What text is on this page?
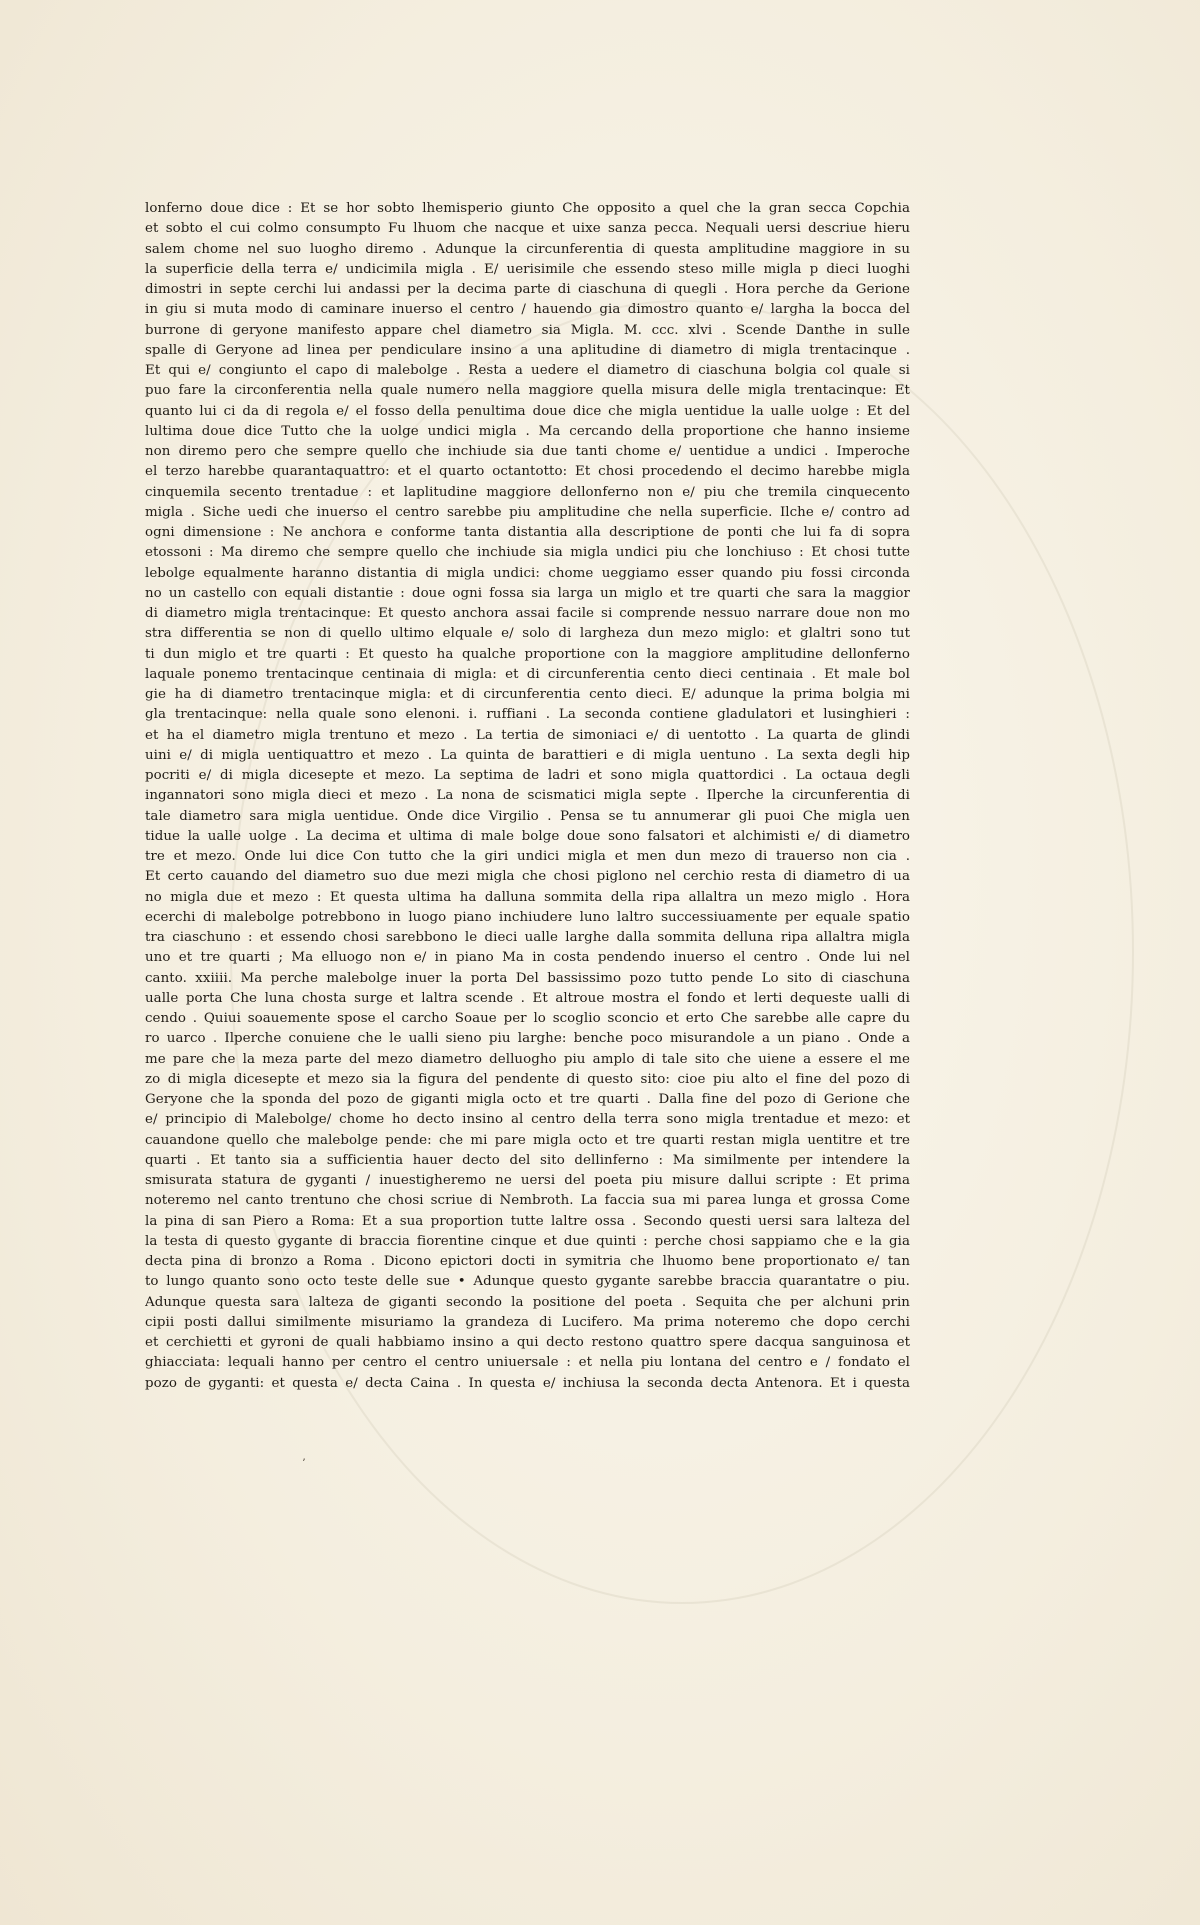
lonferno doue dice : Et se hor sobto lhemisperio giunto Che opposito a quel che la gran secca Copchia
et sobto el cui colmo consumpto Fu lhuom che nacque et uixe sanza pecca. Nequali uersi descriue hieru
salem chome nel suo luogho diremo . Adunque la circunferentia di questa amplitudine maggiore in su
la superficie della terra e/ undicimila migla . E/ uerisimile che essendo steso mille migla p dieci luoghi
dimostri in septe cerchi lui andassi per la decima parte di ciaschuna di quegli . Hora perche da Gerione
in giu si muta modo di caminare inuerso el centro / hauendo gia dimostro quanto e/ largha la bocca del
burrone di geryone manifesto appare chel diametro sia Migla. M. ccc. xlvi . Scende Danthe in sulle
spalle di Geryone ad linea per pendiculare insino a una aplitudine di diametro di migla trentacinque .
Et qui e/ congiunto el capo di malebolge . Resta a uedere el diametro di ciaschuna bolgia col quale si
puo fare la circonferentia nella quale numero nella maggiore quella misura delle migla trentacinque: Et
quanto lui ci da di regola e/ el fosso della penultima doue dice che migla uentidue la ualle uolge : Et del
lultima doue dice Tutto che la uolge undici migla . Ma cercando della proportione che hanno insieme
non diremo pero che sempre quello che inchiude sia due tanti chome e/ uentidue a undici . Imperoche
el terzo harebbe quarantaquattro: et el quarto octantotto: Et chosi procedendo el decimo harebbe migla
cinquemila secento trentadue : et laplitudine maggiore dellonferno non e/ piu che tremila cinquecento
migla . Siche uedi che inuerso el centro sarebbe piu amplitudine che nella superficie. Ilche e/ contro ad
ogni dimensione : Ne anchora e conforme tanta distantia alla descriptione de ponti che lui fa di sopra
etossoni : Ma diremo che sempre quello che inchiude sia migla undici piu che lonchiuso : Et chosi tutte
lebolge equalmente haranno distantia di migla undici: chome ueggiamo esser quando piu fossi circonda
no un castello con equali distantie : doue ogni fossa sia larga un miglo et tre quarti che sara la maggior
di diametro migla trentacinque: Et questo anchora assai facile si comprende nessuo narrare doue non mo
stra differentia se non di quello ultimo elquale e/ solo di largheza dun mezo miglo: et glaltri sono tut
ti dun miglo et tre quarti : Et questo ha qualche proportione con la maggiore amplitudine dellonferno
laquale ponemo trentacinque centinaia di migla: et di circunferentia cento dieci centinaia . Et male bol
gie ha di diametro trentacinque migla: et di circunferentia cento dieci. E/ adunque la prima bolgia mi
gla trentacinque: nella quale sono elenoni. i. ruffiani . La seconda contiene gladulatori et lusinghieri :
et ha el diametro migla trentuno et mezo . La tertia de simoniaci e/ di uentotto . La quarta de glindi
uini e/ di migla uentiquattro et mezo . La quinta de barattieri e di migla uentuno . La sexta degli hip
pocriti e/ di migla dicesepte et mezo. La septima de ladri et sono migla quattordici . La octaua degli
ingannatori sono migla dieci et mezo . La nona de scismatici migla septe . Ilperche la circunferentia di
tale diametro sara migla uentidue. Onde dice Virgilio . Pensa se tu annumerar gli puoi Che migla uen
tidue la ualle uolge . La decima et ultima di male bolge doue sono falsatori et alchimisti e/ di diametro
tre et mezo. Onde lui dice Con tutto che la giri undici migla et men dun mezo di trauerso non cia .
Et certo cauando del diametro suo due mezi migla che chosi piglono nel cerchio resta di diametro di ua
no migla due et mezo : Et questa ultima ha dalluna sommita della ripa allaltra un mezo miglo . Hora
ecerchi di malebolge potrebbono in luogo piano inchiudere luno laltro successiuamente per equale spatio
tra ciaschuno : et essendo chosi sarebbono le dieci ualle larghe dalla sommita delluna ripa allaltra migla
uno et tre quarti ; Ma elluogo non e/ in piano Ma in costa pendendo inuerso el centro . Onde lui nel
canto. xxiiii. Ma perche malebolge inuer la porta Del bassissimo pozo tutto pende Lo sito di ciaschuna
ualle porta Che luna chosta surge et laltra scende . Et altroue mostra el fondo et lerti dequeste ualli di
cendo . Quiui soauemente spose el carcho Soaue per lo scoglio sconcio et erto Che sarebbe alle capre du
ro uarco . Ilperche conuiene che le ualli sieno piu larghe: benche poco misurandole a un piano . Onde a
me pare che la meza parte del mezo diametro delluogho piu amplo di tale sito che uiene a essere el me
zo di migla dicesepte et mezo sia la figura del pendente di questo sito: cioe piu alto el fine del pozo di
Geryone che la sponda del pozo de giganti migla octo et tre quarti . Dalla fine del pozo di Gerione che
e/ principio di Malebolge/ chome ho decto insino al centro della terra sono migla trentadue et mezo: et
cauandone quello che malebolge pende: che mi pare migla octo et tre quarti restan migla uentitre et tre
quarti . Et tanto sia a sufficientia hauer decto del sito dellinferno : Ma similmente per intendere la
smisurata statura de gyganti / inuestigheremo ne uersi del poeta piu misure dallui scripte : Et prima
noteremo nel canto trentuno che chosi scriue di Nembroth. La faccia sua mi parea lunga et grossa Come
la pina di san Piero a Roma: Et a sua proportion tutte laltre ossa . Secondo questi uersi sara lalteza del
la testa di questo gygante di braccia fiorentine cinque et due quinti : perche chosi sappiamo che e la gia
decta pina di bronzo a Roma . Dicono epictori docti in symitria che lhuomo bene proportionato e/ tan
to lungo quanto sono octo teste delle sue • Adunque questo gygante sarebbe braccia quarantatre o piu.
Adunque questa sara lalteza de giganti secondo la positione del poeta . Sequita che per alchuni prin
cipii posti dallui similmente misuriamo la grandeza di Lucifero. Ma prima noteremo che dopo cerchi
et cerchietti et gyroni de quali habbiamo insino a qui decto restono quattro spere dacqua sanguinosa et
ghiacciata: lequali hanno per centro el centro uniuersale : et nella piu lontana del centro e / fondato el
pozo de gyganti: et questa e/ decta Caina . In questa e/ inchiusa la seconda decta Antenora. Et i questa
ʼ
